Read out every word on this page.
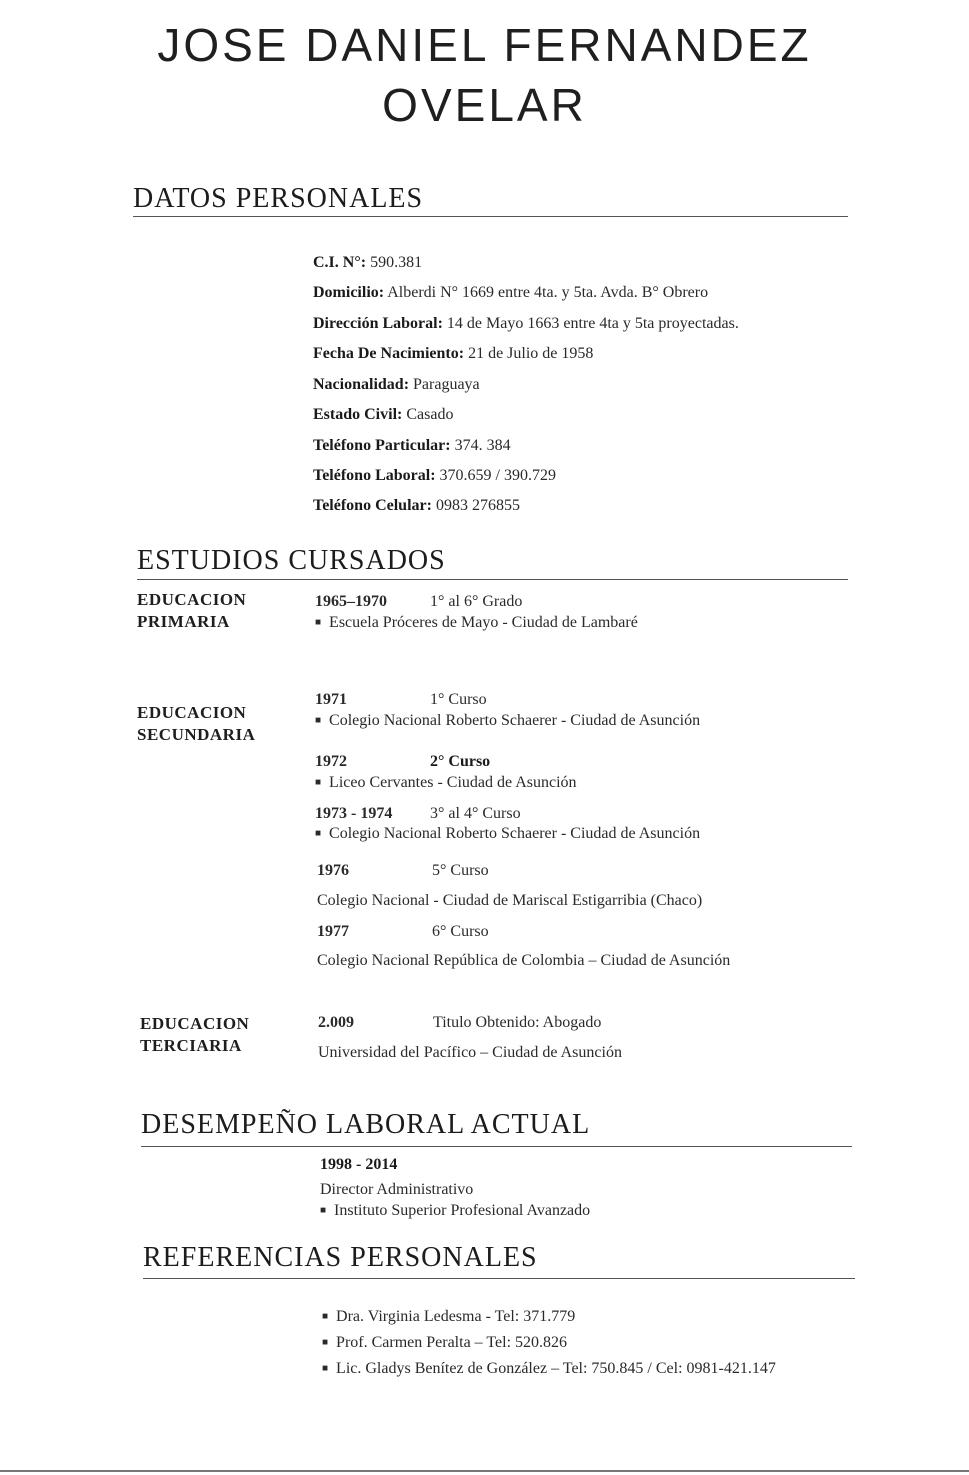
JOSE DANIEL FERNANDEZ
OVELAR
DATOS PERSONALES
C.I. N°: 590.381
Domicilio: Alberdi N° 1669 entre 4ta. y 5ta. Avda. B° Obrero
Dirección Laboral: 14 de Mayo 1663 entre 4ta y 5ta proyectadas.
Fecha De Nacimiento: 21 de Julio de 1958
Nacionalidad: Paraguaya
Estado Civil: Casado
Teléfono Particular: 374. 384
Teléfono Laboral: 370.659 / 390.729
Teléfono Celular: 0983 276855
ESTUDIOS CURSADOS
EDUCACION
PRIMARIA
1965–1970	1° al 6° Grado
■ Escuela Próceres de Mayo - Ciudad de Lambaré
EDUCACION
SECUNDARIA
1971	1° Curso
■ Colegio Nacional Roberto Schaerer - Ciudad de Asunción
1972	2° Curso
■ Liceo Cervantes - Ciudad de Asunción
1973 - 1974 3° al 4° Curso
■ Colegio Nacional Roberto Schaerer - Ciudad de Asunción
1976	5° Curso
Colegio Nacional - Ciudad de Mariscal Estigarribia (Chaco)
1977	6° Curso
Colegio Nacional República de Colombia – Ciudad de Asunción
EDUCACION
TERCIARIA
2.009	Titulo Obtenido: Abogado
Universidad del Pacífico – Ciudad de Asunción
DESEMPEÑO LABORAL ACTUAL
1998 - 2014
Director Administrativo
■ Instituto Superior Profesional Avanzado
REFERENCIAS PERSONALES
■ Dra. Virginia Ledesma - Tel: 371.779
■ Prof. Carmen Peralta – Tel: 520.826
■ Lic. Gladys Benítez de González – Tel: 750.845 / Cel: 0981-421.147
